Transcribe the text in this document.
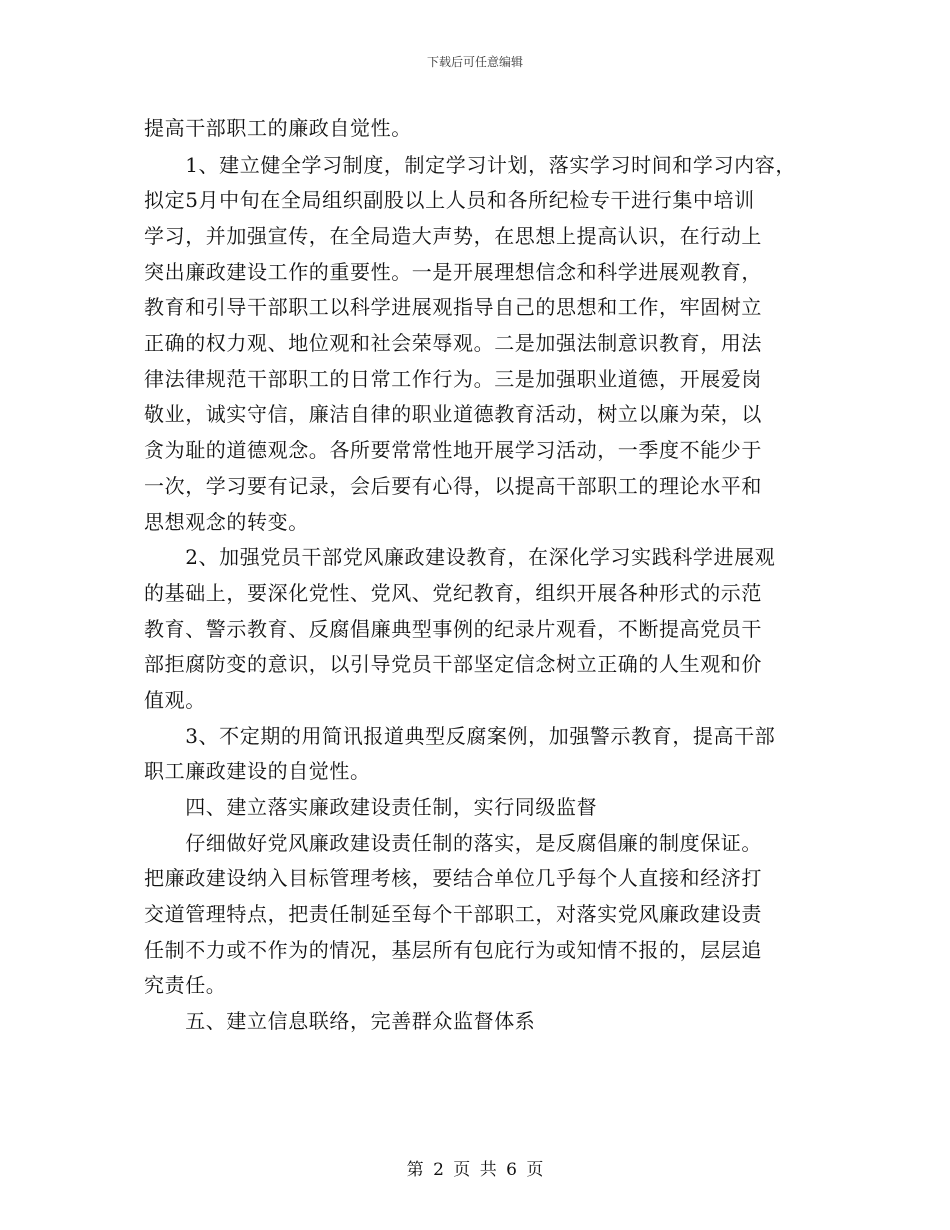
下载后可任意编辑
提高干部职工的廉政自觉性。
　　1、建立健全学习制度，制定学习计划，落实学习时间和学习内容，
拟定5月中旬在全局组织副股以上人员和各所纪检专干进行集中培训
学习，并加强宣传，在全局造大声势，在思想上提高认识，在行动上
突出廉政建设工作的重要性。一是开展理想信念和科学进展观教育，
教育和引导干部职工以科学进展观指导自己的思想和工作，牢固树立
正确的权力观、地位观和社会荣辱观。二是加强法制意识教育，用法
律法律规范干部职工的日常工作行为。三是加强职业道德，开展爱岗
敬业，诚实守信，廉洁自律的职业道德教育活动，树立以廉为荣，以
贪为耻的道德观念。各所要常常性地开展学习活动，一季度不能少于
一次，学习要有记录，会后要有心得，以提高干部职工的理论水平和
思想观念的转变。
　　2、加强党员干部党风廉政建设教育，在深化学习实践科学进展观
的基础上，要深化党性、党风、党纪教育，组织开展各种形式的示范
教育、警示教育、反腐倡廉典型事例的纪录片观看，不断提高党员干
部拒腐防变的意识，以引导党员干部坚定信念树立正确的人生观和价
值观。
　　3、不定期的用简讯报道典型反腐案例，加强警示教育，提高干部
职工廉政建设的自觉性。
　　四、建立落实廉政建设责任制，实行同级监督
　　仔细做好党风廉政建设责任制的落实，是反腐倡廉的制度保证。
把廉政建设纳入目标管理考核，要结合单位几乎每个人直接和经济打
交道管理特点，把责任制延至每个干部职工，对落实党风廉政建设责
任制不力或不作为的情况，基层所有包庇行为或知情不报的，层层追
究责任。
　　五、建立信息联络，完善群众监督体系
第 2 页 共 6 页
